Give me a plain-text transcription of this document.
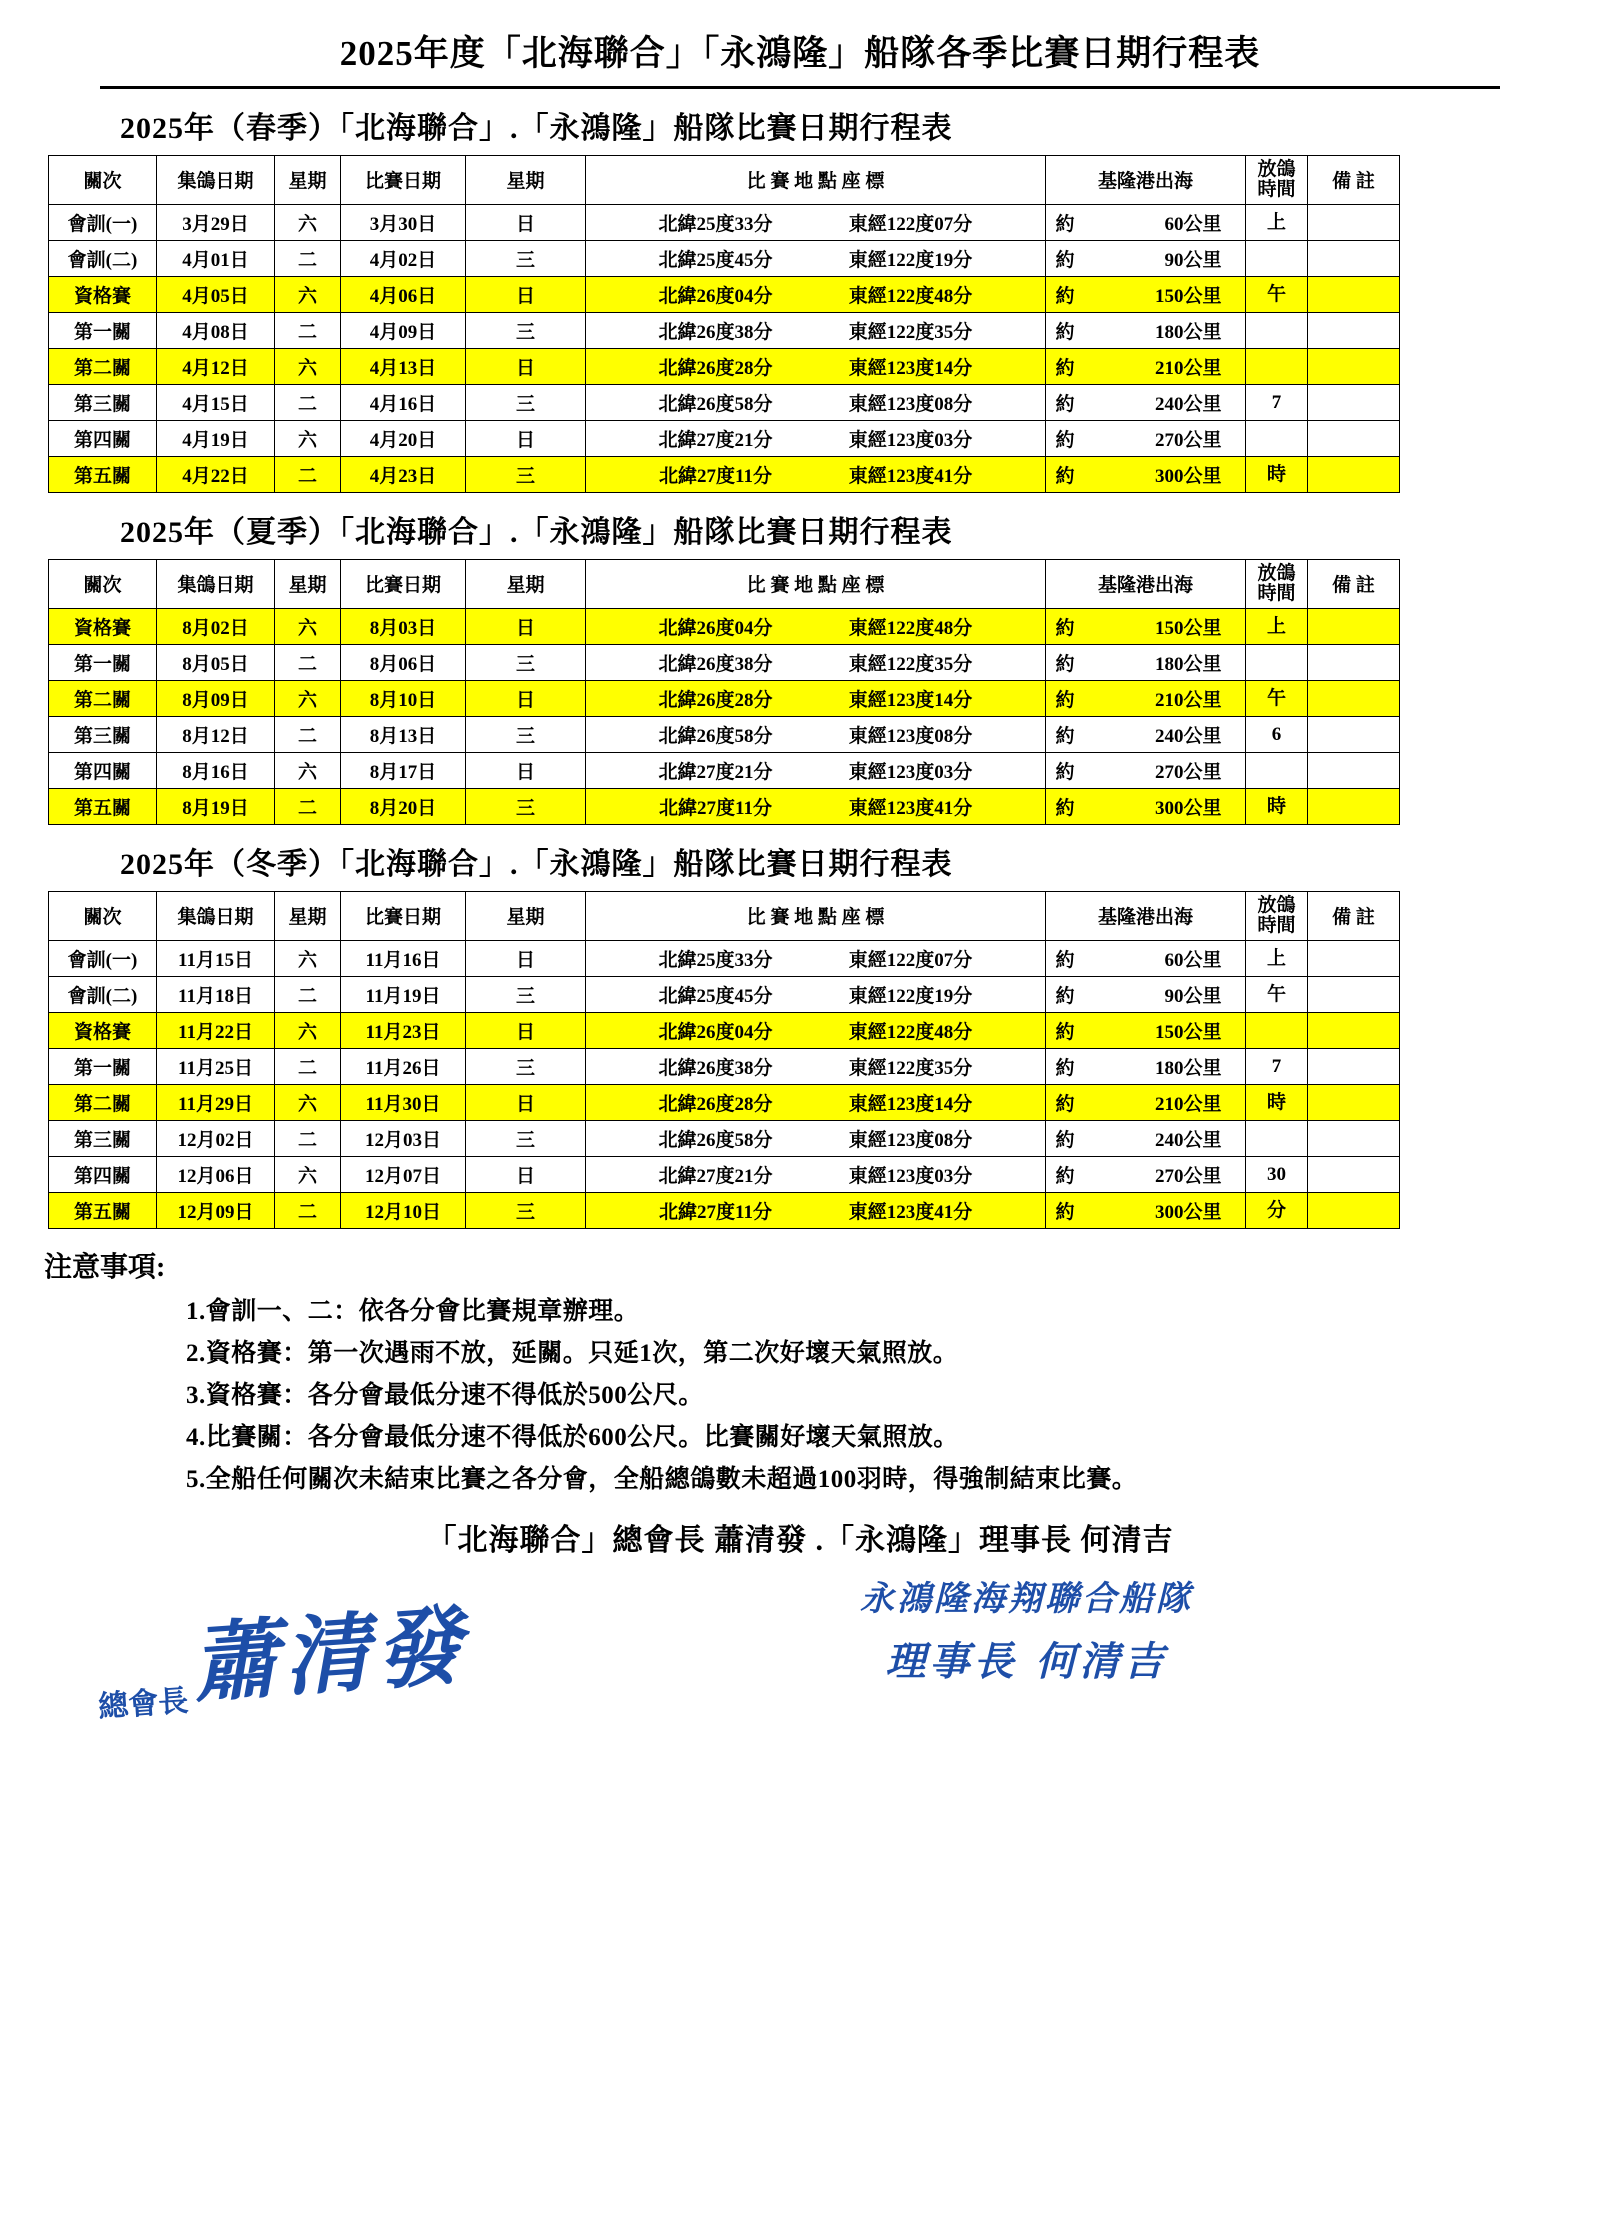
2025年度「北海聯合」「永鴻隆」船隊各季比賽日期行程表
2025年（春季）「北海聯合」.「永鴻隆」船隊比賽日期行程表
關次	集鴿日期	星期	比賽日期	星期	比 賽 地 點 座 標	基隆港出海	放鴿
時間	備 註
會訓(一)	3月29日	六	3月30日	日	北緯25度33分 東經122度07分	約 60公里	上	
會訓(二)	4月01日	二	4月02日	三	北緯25度45分 東經122度19分	約 90公里		
資格賽	4月05日	六	4月06日	日	北緯26度04分 東經122度48分	約 150公里	午	
第一關	4月08日	二	4月09日	三	北緯26度38分 東經122度35分	約 180公里		
第二關	4月12日	六	4月13日	日	北緯26度28分 東經123度14分	約 210公里		
第三關	4月15日	二	4月16日	三	北緯26度58分 東經123度08分	約 240公里	7	
第四關	4月19日	六	4月20日	日	北緯27度21分 東經123度03分	約 270公里		
第五關	4月22日	二	4月23日	三	北緯27度11分 東經123度41分	約 300公里	時	
2025年（夏季）「北海聯合」.「永鴻隆」船隊比賽日期行程表
關次	集鴿日期	星期	比賽日期	星期	比 賽 地 點 座 標	基隆港出海	放鴿
時間	備 註
資格賽	8月02日	六	8月03日	日	北緯26度04分 東經122度48分	約 150公里	上	
第一關	8月05日	二	8月06日	三	北緯26度38分 東經122度35分	約 180公里		
第二關	8月09日	六	8月10日	日	北緯26度28分 東經123度14分	約 210公里	午	
第三關	8月12日	二	8月13日	三	北緯26度58分 東經123度08分	約 240公里	6	
第四關	8月16日	六	8月17日	日	北緯27度21分 東經123度03分	約 270公里		
第五關	8月19日	二	8月20日	三	北緯27度11分 東經123度41分	約 300公里	時	
2025年（冬季）「北海聯合」.「永鴻隆」船隊比賽日期行程表
關次	集鴿日期	星期	比賽日期	星期	比 賽 地 點 座 標	基隆港出海	放鴿
時間	備 註
會訓(一)	11月15日	六	11月16日	日	北緯25度33分 東經122度07分	約 60公里	上	
會訓(二)	11月18日	二	11月19日	三	北緯25度45分 東經122度19分	約 90公里	午	
資格賽	11月22日	六	11月23日	日	北緯26度04分 東經122度48分	約 150公里		
第一關	11月25日	二	11月26日	三	北緯26度38分 東經122度35分	約 180公里	7	
第二關	11月29日	六	11月30日	日	北緯26度28分 東經123度14分	約 210公里	時	
第三關	12月02日	二	12月03日	三	北緯26度58分 東經123度08分	約 240公里		
第四關	12月06日	六	12月07日	日	北緯27度21分 東經123度03分	約 270公里	30	
第五關	12月09日	二	12月10日	三	北緯27度11分 東經123度41分	約 300公里	分	
注意事項:
1.會訓一、二：依各分會比賽規章辦理。
2.資格賽：第一次遇雨不放，延關。只延1次，第二次好壞天氣照放。
3.資格賽：各分會最低分速不得低於500公尺。
4.比賽關：各分會最低分速不得低於600公尺。比賽關好壞天氣照放。
5.全船任何關次未結束比賽之各分會，全船總鴿數未超過100羽時，得強制結束比賽。
「北海聯合」總會長 蕭清發 .「永鴻隆」理事長 何清吉
總會長蕭清發	永鴻隆海翔聯合船隊
理事長 何清吉
